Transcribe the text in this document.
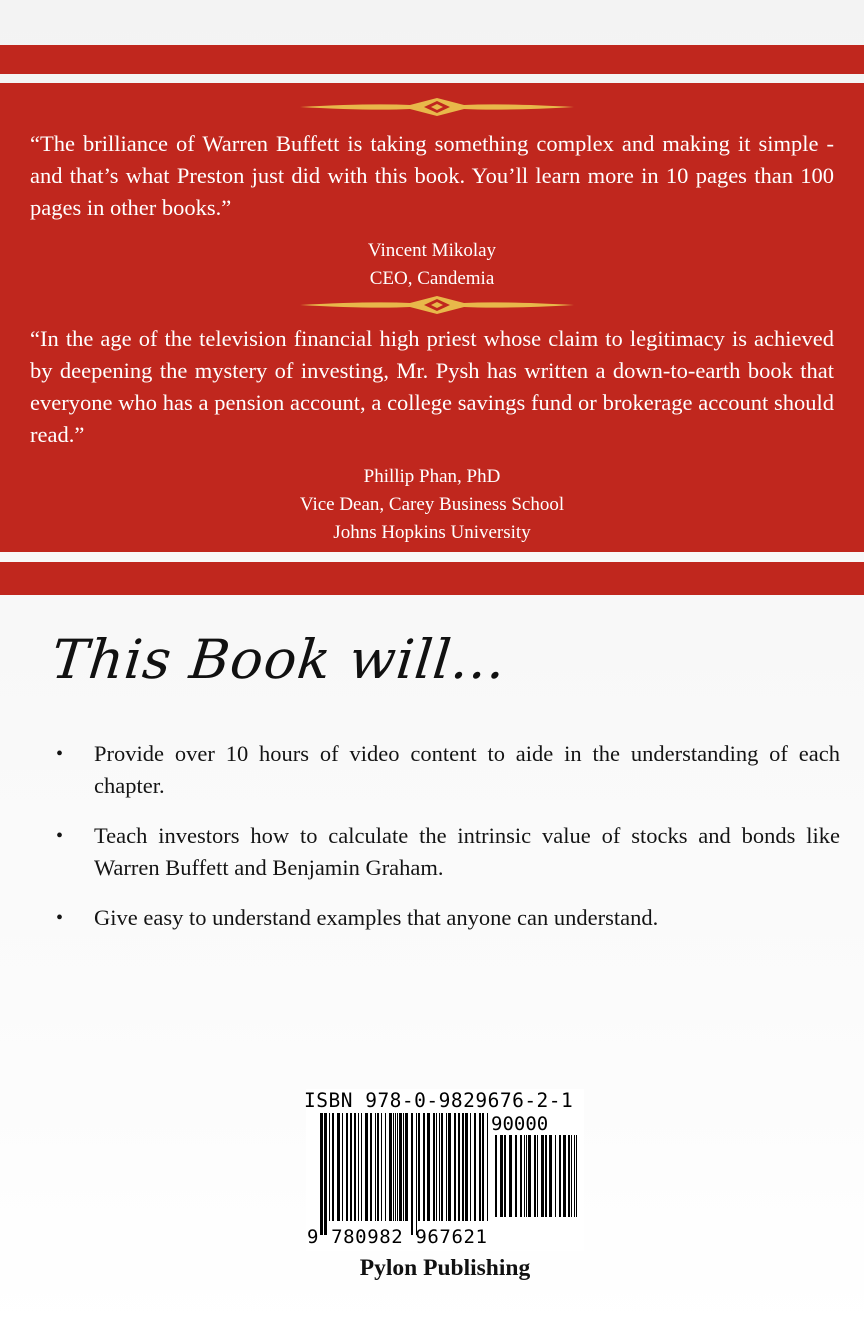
“The brilliance of Warren Buffett is taking something complex and making it simple - and that’s what Preston just did with this book. You’ll learn more in 10 pages than 100 pages in other books.”

Vincent Mikolay
CEO, Candemia

“In the age of the television financial high priest whose claim to legitimacy is achieved by deepening the mystery of investing, Mr. Pysh has written a down-to-earth book that everyone who has a pension account, a college savings fund or brokerage account should read.”

Phillip Phan, PhD
Vice Dean, Carey Business School
Johns Hopkins University
This Book will...
• Provide over 10 hours of video content to aide in the understanding of each chapter.
• Teach investors how to calculate the intrinsic value of stocks and bonds like Warren Buffett and Benjamin Graham.
• Give easy to understand examples that anyone can understand.
ISBN 978-0-9829676-2-1
90000
9 780982 967621
Pylon Publishing
